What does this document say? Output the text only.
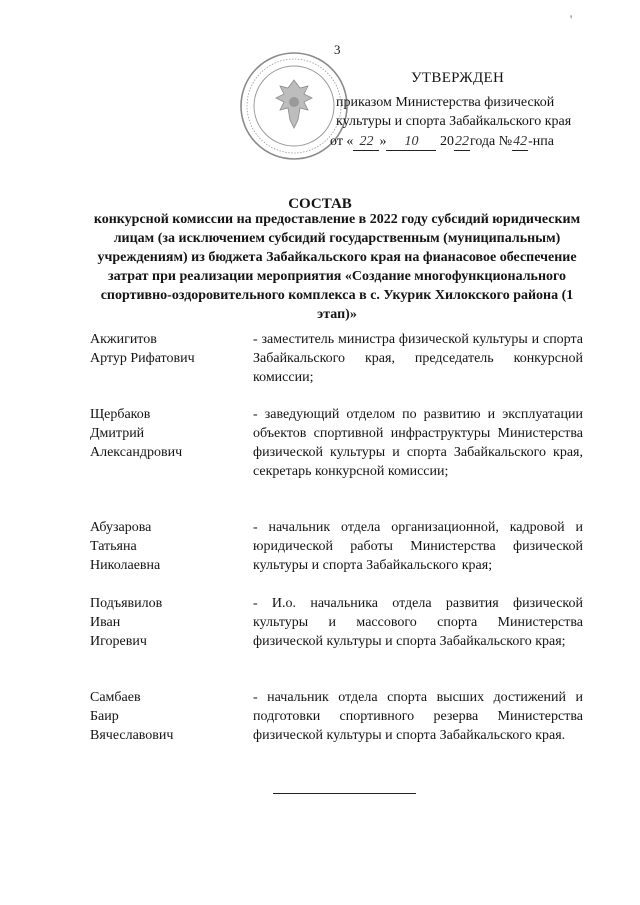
'
3
УТВЕРЖДЕН
приказом Министерства физической
культуры и спорта Забайкальского края
от « 22 » 10 2022года №42-нпа
СОСТАВ
конкурсной комиссии на предоставление в 2022 году субсидий юридическим лицам (за исключением субсидий государственным (муниципальным) учреждениям) из бюджета Забайкальского края на фианасовое обеспечение затрат при реализации мероприятия «Создание многофункционального спортивно-оздоровительного комплекса в с. Укурик Хилокского района (1 этап)»
Акжигитов
Артур Рифатович
- заместитель министра физической культуры и спорта Забайкальского края, председатель конкурсной комиссии;
Щербаков
Дмитрий
Александрович
- заведующий отделом по развитию и эксплуатации объектов спортивной инфраструктуры Министерства физической культуры и спорта Забайкальского края, секретарь конкурсной комиссии;
Абузарова
Татьяна
Николаевна
- начальник отдела организационной, кадровой и юридической работы Министерства физической культуры и спорта Забайкальского края;
Подъявилов
Иван
Игоревич
- И.о. начальника отдела развития физической культуры и массового спорта Министерства физической культуры и спорта Забайкальского края;
Самбаев
Баир
Вячеславович
- начальник отдела спорта высших достижений и подготовки спортивного резерва Министерства физической культуры и спорта Забайкальского края.
